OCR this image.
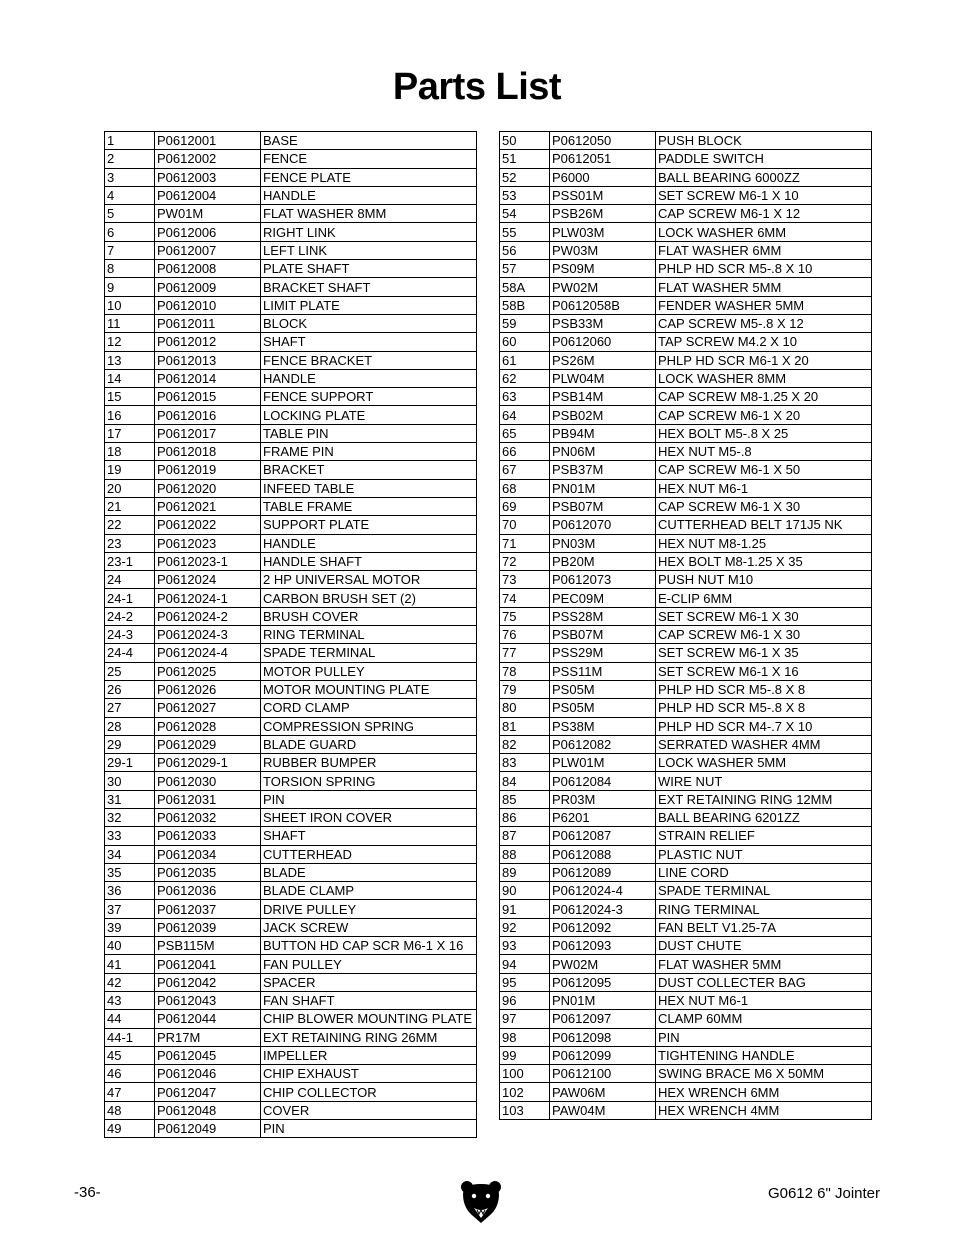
Parts List
1	P0612001	BASE
2	P0612002	FENCE
3	P0612003	FENCE PLATE
4	P0612004	HANDLE
5	PW01M	FLAT WASHER 8MM
6	P0612006	RIGHT LINK
7	P0612007	LEFT LINK
8	P0612008	PLATE SHAFT
9	P0612009	BRACKET SHAFT
10	P0612010	LIMIT PLATE
11	P0612011	BLOCK
12	P0612012	SHAFT
13	P0612013	FENCE BRACKET
14	P0612014	HANDLE
15	P0612015	FENCE SUPPORT
16	P0612016	LOCKING PLATE
17	P0612017	TABLE PIN
18	P0612018	FRAME PIN
19	P0612019	BRACKET
20	P0612020	INFEED TABLE
21	P0612021	TABLE FRAME
22	P0612022	SUPPORT PLATE
23	P0612023	HANDLE
23-1	P0612023-1	HANDLE SHAFT
24	P0612024	2 HP UNIVERSAL MOTOR
24-1	P0612024-1	CARBON BRUSH SET (2)
24-2	P0612024-2	BRUSH COVER
24-3	P0612024-3	RING TERMINAL
24-4	P0612024-4	SPADE TERMINAL
25	P0612025	MOTOR PULLEY
26	P0612026	MOTOR MOUNTING PLATE
27	P0612027	CORD CLAMP
28	P0612028	COMPRESSION SPRING
29	P0612029	BLADE GUARD
29-1	P0612029-1	RUBBER BUMPER
30	P0612030	TORSION SPRING
31	P0612031	PIN
32	P0612032	SHEET IRON COVER
33	P0612033	SHAFT
34	P0612034	CUTTERHEAD
35	P0612035	BLADE
36	P0612036	BLADE CLAMP
37	P0612037	DRIVE PULLEY
39	P0612039	JACK SCREW
40	PSB115M	BUTTON HD CAP SCR M6-1 X 16
41	P0612041	FAN PULLEY
42	P0612042	SPACER
43	P0612043	FAN SHAFT
44	P0612044	CHIP BLOWER MOUNTING PLATE
44-1	PR17M	EXT RETAINING RING 26MM
45	P0612045	IMPELLER
46	P0612046	CHIP EXHAUST
47	P0612047	CHIP COLLECTOR
48	P0612048	COVER
49	P0612049	PIN
50	P0612050	PUSH BLOCK
51	P0612051	PADDLE SWITCH
52	P6000	BALL BEARING 6000ZZ
53	PSS01M	SET SCREW M6-1 X 10
54	PSB26M	CAP SCREW M6-1 X 12
55	PLW03M	LOCK WASHER 6MM
56	PW03M	FLAT WASHER 6MM
57	PS09M	PHLP HD SCR M5-.8 X 10
58A	PW02M	FLAT WASHER 5MM
58B	P0612058B	FENDER WASHER 5MM
59	PSB33M	CAP SCREW M5-.8 X 12
60	P0612060	TAP SCREW M4.2 X 10
61	PS26M	PHLP HD SCR M6-1 X 20
62	PLW04M	LOCK WASHER 8MM
63	PSB14M	CAP SCREW M8-1.25 X 20
64	PSB02M	CAP SCREW M6-1 X 20
65	PB94M	HEX BOLT M5-.8 X 25
66	PN06M	HEX NUT M5-.8
67	PSB37M	CAP SCREW M6-1 X 50
68	PN01M	HEX NUT M6-1
69	PSB07M	CAP SCREW M6-1 X 30
70	P0612070	CUTTERHEAD BELT 171J5 NK
71	PN03M	HEX NUT M8-1.25
72	PB20M	HEX BOLT M8-1.25 X 35
73	P0612073	PUSH NUT M10
74	PEC09M	E-CLIP 6MM
75	PSS28M	SET SCREW M6-1 X 30
76	PSB07M	CAP SCREW M6-1 X 30
77	PSS29M	SET SCREW M6-1 X 35
78	PSS11M	SET SCREW M6-1 X 16
79	PS05M	PHLP HD SCR M5-.8 X 8
80	PS05M	PHLP HD SCR M5-.8 X 8
81	PS38M	PHLP HD SCR M4-.7 X 10
82	P0612082	SERRATED WASHER 4MM
83	PLW01M	LOCK WASHER 5MM
84	P0612084	WIRE NUT
85	PR03M	EXT RETAINING RING 12MM
86	P6201	BALL BEARING 6201ZZ
87	P0612087	STRAIN RELIEF
88	P0612088	PLASTIC NUT
89	P0612089	LINE CORD
90	P0612024-4	SPADE TERMINAL
91	P0612024-3	RING TERMINAL
92	P0612092	FAN BELT V1.25-7A
93	P0612093	DUST CHUTE
94	PW02M	FLAT WASHER 5MM
95	P0612095	DUST COLLECTER BAG
96	PN01M	HEX NUT M6-1
97	P0612097	CLAMP 60MM
98	P0612098	PIN
99	P0612099	TIGHTENING HANDLE
100	P0612100	SWING BRACE M6 X 50MM
102	PAW06M	HEX WRENCH 6MM
103	PAW04M	HEX WRENCH 4MM
-36-	G0612 6" Jointer
